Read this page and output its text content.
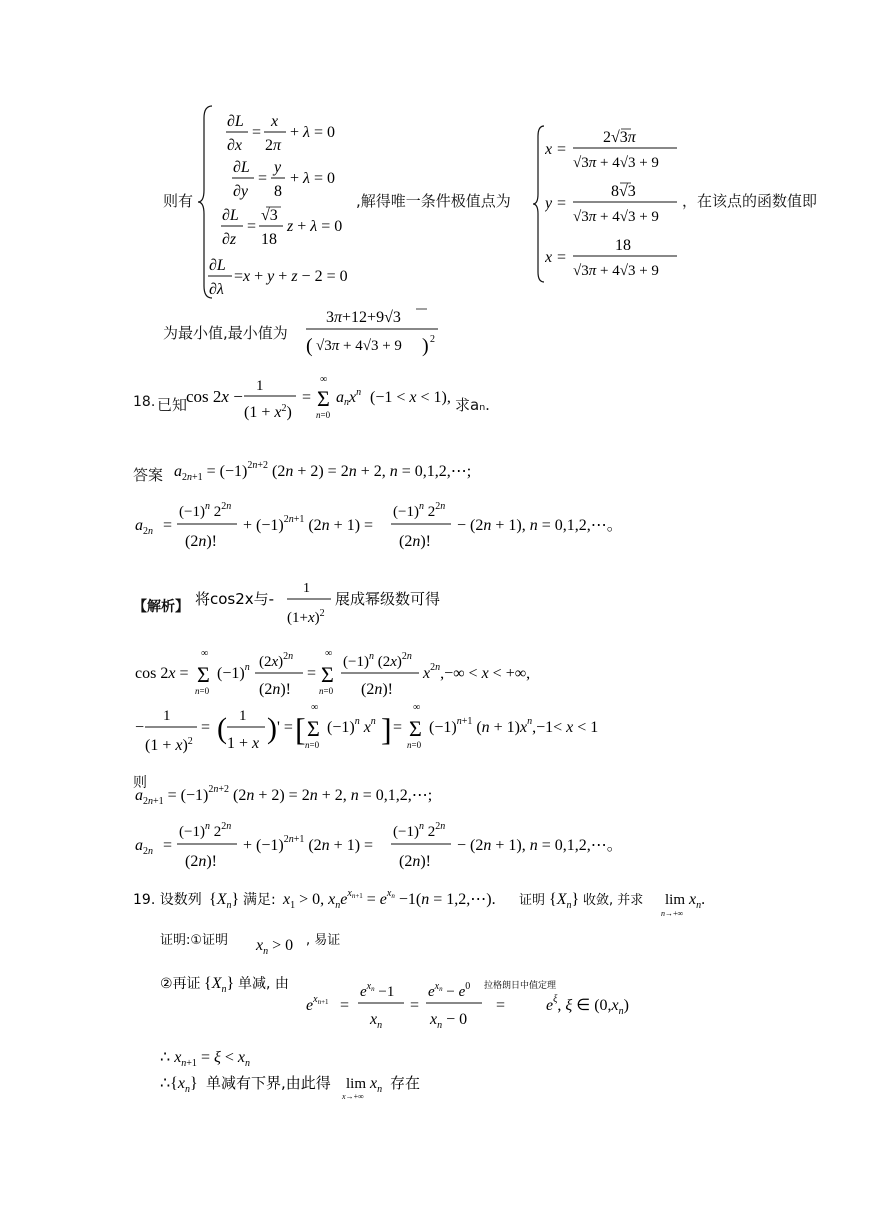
则有
∂L
∂x
=
x
2π
+ λ = 0
∂L
∂y
=
y
8
+ λ = 0
∂L
∂z
=
√3
18
z + λ = 0
∂L
∂λ
=x + y + z − 2 = 0
,解得唯一条件极值点为
x =
2√3π
√3π + 4√3 + 9
y =
8√3
√3π + 4√3 + 9
x =
18
√3π + 4√3 + 9
，在该点的函数值即
为最小值,最小值为
3π+12+9√3
( √3π + 4√3 + 9 ) 2
18. 已知
cos 2x −
1
$(1 + x^2)$
=
∞
Σ
n=0
anx$^n$ (−1 < x < 1), 求aₙ.
答案 $a_{2n+1} = (-1)^{2n+2}$ (2n + 2) = 2n + 2, n = 0,1,2,⋯;
$a_{2n}$ =
$(-1)^n$ $2^{2n}$
(2n)!
+ $(-1)^{2n+1}$ (2n + 1) =
$(-1)^n$ $2^{2n}$
(2n)!
− (2n + 1), n = 0,1,2,⋯。
【解析】 将cos2x与-
1
$(1+x)^2$
展成幂级数可得
cos 2x =
∞
Σ
n=0
$(-1)^n$ $(2x)^{2n}$
(2n)!
=
∞
Σ
n=0
$(-1)^n$ $(2x)^{2n}$
(2n)!
$x^{2n},-\infty < x$ < +∞,
−
1
$(1 + x)^2$
= ( 1
1 + x ) ' = [
∞
Σ
n=0
$(-1)^n$ $x^n$ ] =
∞
Σ
n=0
$(-1)^{n+1}$ $(n + 1)x^n,-1< x < 1$
则
$a_{2n+1} = (-1)^{2n+2}$ (2n + 2) = 2n + 2, n = 0,1,2,⋯;
$a_{2n}$ =
$(-1)^n$ $2^{2n}$
(2n)!
+ $(-1)^{2n+1}$ (2n + 1) =
$(-1)^n$ $2^{2n}$
(2n)!
− (2n + 1), n = 0,1,2,⋯。
19. 设数列 $\{X_n\}$ 满足: $x_1 > 0$, $x_ne^xn+1 = e^xn -1(n$ = 1,2,⋯). 证明 $\{X_n\}$ 收敛, 并求 lim
n→+∞
$x_n$.
证明:①证明 $x_n > 0$ , 易证
②再证 $\{X_n\}$ 单减, 由
$e^xn+1$ =
$e^xn -1$
$x_n$
=
$e^xn - e^0$
$x_n - 0$
拉格朗日中值定理
=	$e^\xi$, ξ ∈ $(0,x_n)$
∴ $x_{n+1} = \xi < x_n$
$\therefore\{x_n\}$ 单减有下界,由此得 lim
x→+∞
$x_n$ 存在
